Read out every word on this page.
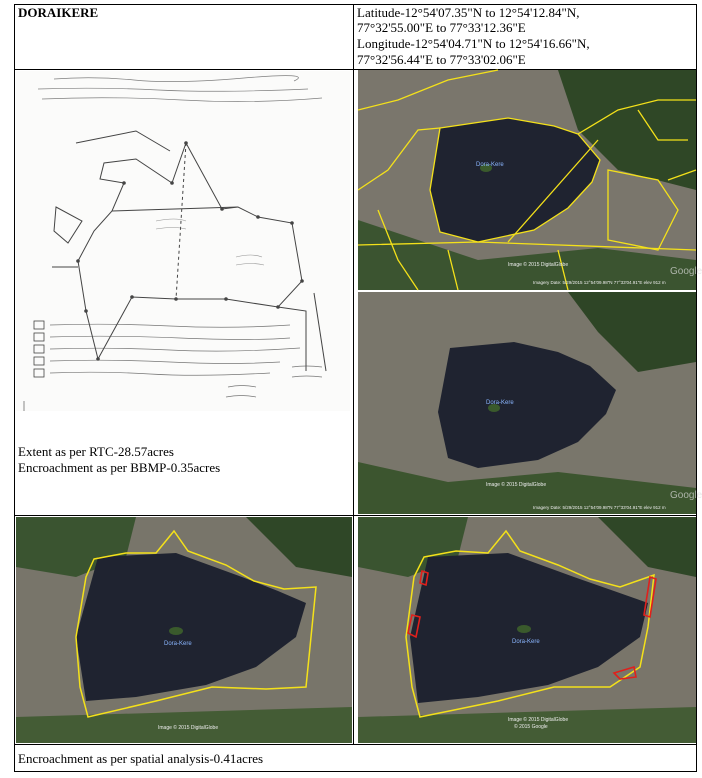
DORAIKERE	Latitude-12°54'07.35"N to 12°54'12.84"N,
77°32'55.00"E to 77°33'12.36"E
Longitude-12°54'04.71"N to 12°54'16.66"N,
77°32'56.44"E to 77°33'02.06"E
Extent as per RTC-28.57acres
Encroachment as per BBMP-0.35acres
Dora-Kere
Image © 2015 DigitalGlobe
Imagery Date: 5/29/2015 12°54'09.98"N 77°33'04.91"E elev 912 m
Google
Dora-Kere
Image © 2015 DigitalGlobe
Imagery Date: 5/29/2015 12°54'09.98"N 77°33'04.91"E elev 912 m
Google
Dora-Kere
Image © 2015 DigitalGlobe
Dora-Kere
Image © 2015 DigitalGlobe
© 2015 Google
Encroachment as per spatial analysis-0.41acres
